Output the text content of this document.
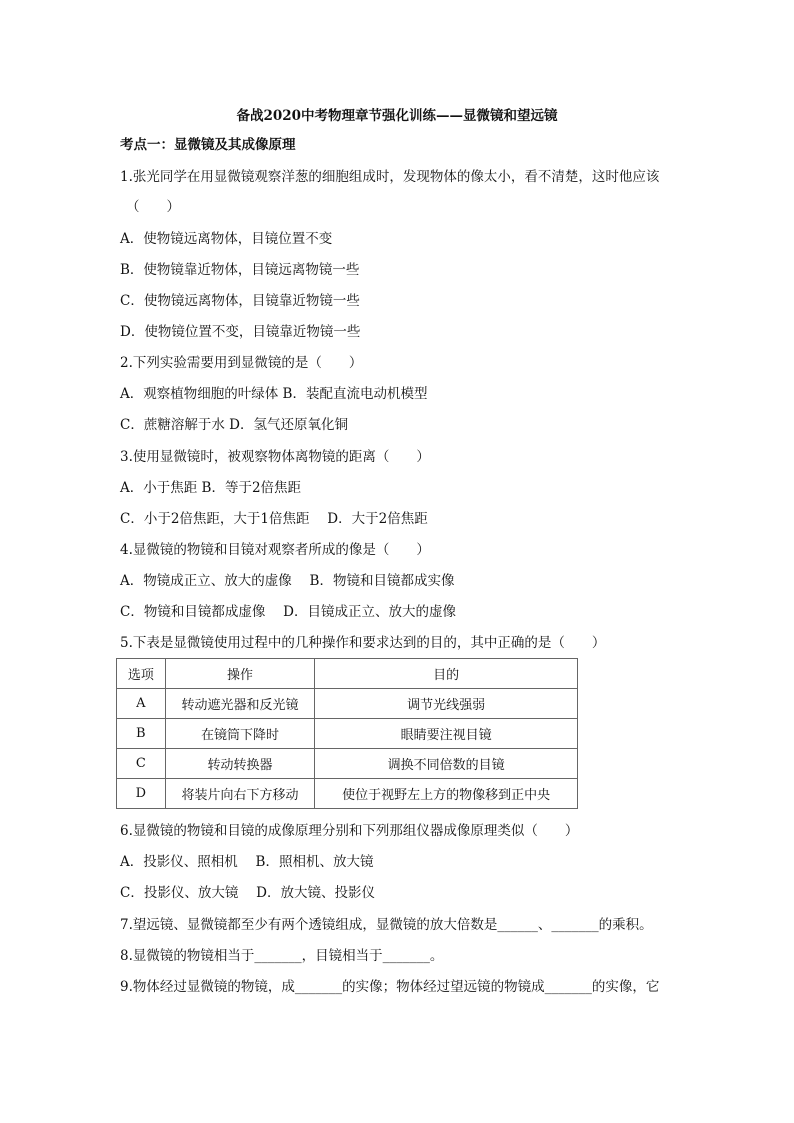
备战2020中考物理章节强化训练——显微镜和望远镜
考点一：显微镜及其成像原理
1.张光同学在用显微镜观察洋葱的细胞组成时，发现物体的像太小，看不清楚，这时他应该
（　　）
A．使物镜远离物体，目镜位置不变
B．使物镜靠近物体，目镜远离物镜一些
C．使物镜远离物体，目镜靠近物镜一些
D．使物镜位置不变，目镜靠近物镜一些
2.下列实验需要用到显微镜的是（　　）
A．观察植物细胞的叶绿体 B．装配直流电动机模型
C．蔗糖溶解于水 D．氢气还原氧化铜
3.使用显微镜时，被观察物体离物镜的距离（　　）
A．小于焦距 B．等于2倍焦距
C．小于2倍焦距，大于1倍焦距　 D．大于2倍焦距
4.显微镜的物镜和目镜对观察者所成的像是（　　）
A．物镜成正立、放大的虚像　 B．物镜和目镜都成实像
C．物镜和目镜都成虚像　 D．目镜成正立、放大的虚像
5.下表是显微镜使用过程中的几种操作和要求达到的目的，其中正确的是（　　）
选项	操作	目的
A	转动遮光器和反光镜	调节光线强弱
B	在镜筒下降时	眼睛要注视目镜
C	转动转换器	调换不同倍数的目镜
D	将装片向右下方移动	使位于视野左上方的物像移到正中央
6.显微镜的物镜和目镜的成像原理分别和下列那组仪器成像原理类似（　　）
A．投影仪、照相机　 B．照相机、放大镜
C．投影仪、放大镜　 D．放大镜、投影仪
7.望远镜、显微镜都至少有两个透镜组成，显微镜的放大倍数是______、_______的乘积。
8.显微镜的物镜相当于_______，目镜相当于_______。
9.物体经过显微镜的物镜，成_______的实像；物体经过望远镜的物镜成_______的实像，它
